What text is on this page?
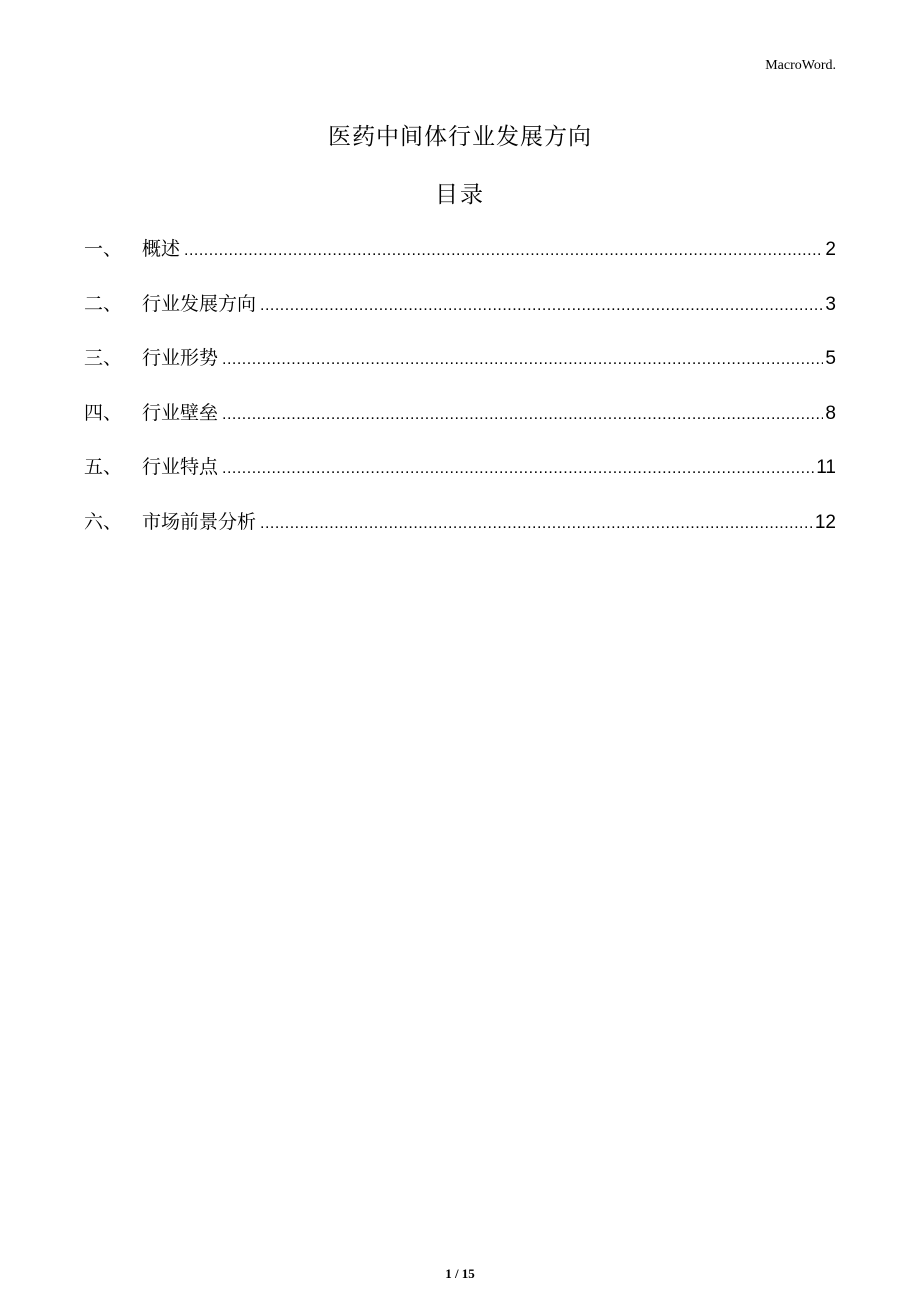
MacroWord.
医药中间体行业发展方向
目录
一、	概述 .....	2
二、	行业发展方向 .....	3
三、	行业形势 .....	5
四、	行业壁垒 .....	8
五、	行业特点 .....	11
六、	市场前景分析 .....	12
1 / 15
